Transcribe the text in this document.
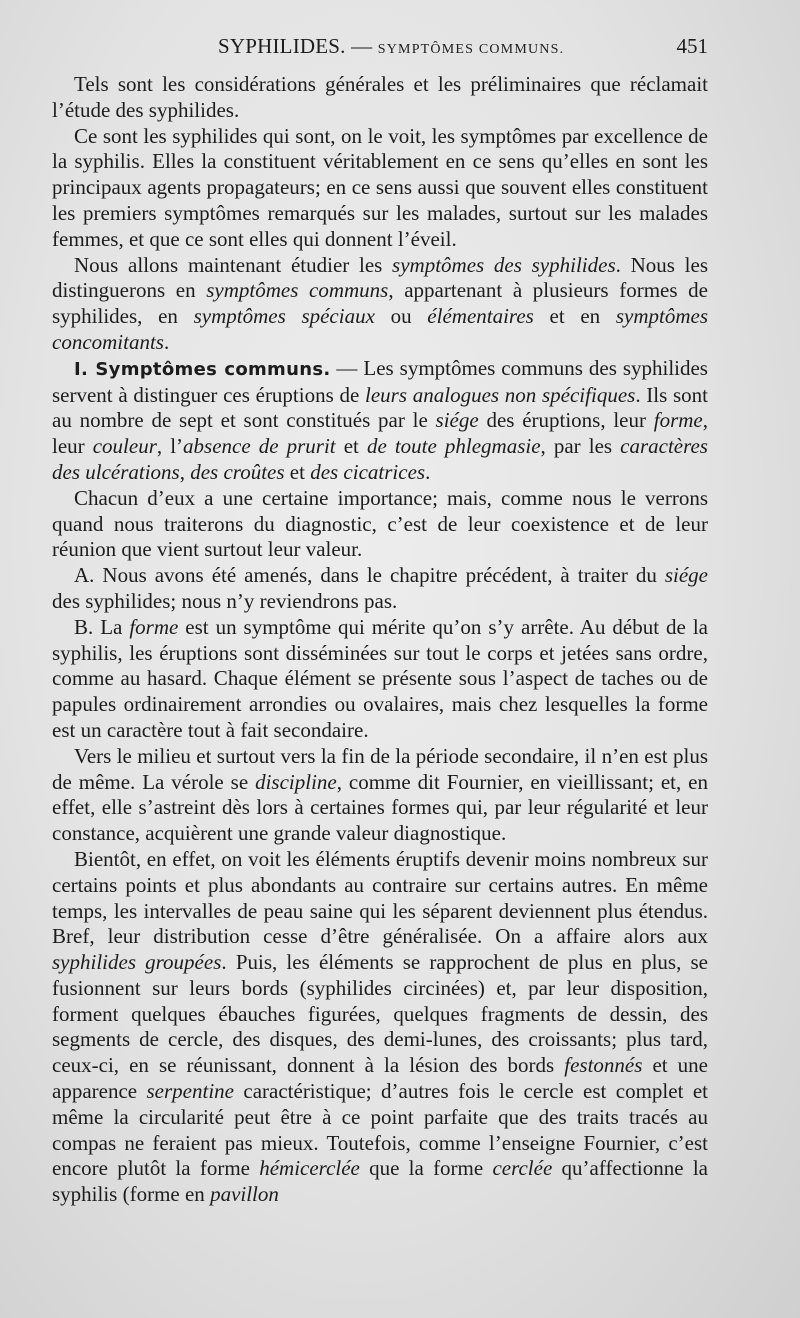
SYPHILIDES. — SYMPTÔMES COMMUNS.	451

Tels sont les considérations générales et les préliminaires que réclamait l’étude des syphilides.

Ce sont les syphilides qui sont, on le voit, les symptômes par excellence de la syphilis. Elles la constituent véritablement en ce sens qu’elles en sont les principaux agents propagateurs; en ce sens aussi que souvent elles constituent les premiers symptômes remarqués sur les malades, surtout sur les malades femmes, et que ce sont elles qui donnent l’éveil.

Nous allons maintenant étudier les symptômes des syphilides. Nous les distinguerons en symptômes communs, appartenant à plusieurs formes de syphilides, en symptômes spéciaux ou élémentaires et en symptômes concomitants.

I. Symptômes communs. — Les symptômes communs des syphilides servent à distinguer ces éruptions de leurs analogues non spécifiques. Ils sont au nombre de sept et sont constitués par le siége des éruptions, leur forme, leur couleur, l’absence de prurit et de toute phlegmasie, par les caractères des ulcérations, des croûtes et des cicatrices.

Chacun d’eux a une certaine importance; mais, comme nous le verrons quand nous traiterons du diagnostic, c’est de leur coexistence et de leur réunion que vient surtout leur valeur.

A. Nous avons été amenés, dans le chapitre précédent, à traiter du siége des syphilides; nous n’y reviendrons pas.

B. La forme est un symptôme qui mérite qu’on s’y arrête. Au début de la syphilis, les éruptions sont disséminées sur tout le corps et jetées sans ordre, comme au hasard. Chaque élément se présente sous l’aspect de taches ou de papules ordinairement arrondies ou ovalaires, mais chez lesquelles la forme est un caractère tout à fait secondaire.

Vers le milieu et surtout vers la fin de la période secondaire, il n’en est plus de même. La vérole se discipline, comme dit Fournier, en vieillissant; et, en effet, elle s’astreint dès lors à certaines formes qui, par leur régularité et leur constance, acquièrent une grande valeur diagnostique.

Bientôt, en effet, on voit les éléments éruptifs devenir moins nombreux sur certains points et plus abondants au contraire sur certains autres. En même temps, les intervalles de peau saine qui les séparent deviennent plus étendus. Bref, leur distribution cesse d’être généralisée. On a affaire alors aux syphilides groupées. Puis, les éléments se rapprochent de plus en plus, se fusionnent sur leurs bords (syphilides circinées) et, par leur disposition, forment quelques ébauches figurées, quelques fragments de dessin, des segments de cercle, des disques, des demi-lunes, des croissants; plus tard, ceux-ci, en se réunissant, donnent à la lésion des bords festonnés et une apparence serpentine caractéristique; d’autres fois le cercle est complet et même la circularité peut être à ce point parfaite que des traits tracés au compas ne feraient pas mieux. Toutefois, comme l’enseigne Fournier, c’est encore plutôt la forme hémicerclée que la forme cerclée qu’affectionne la syphilis (forme en pavillon
